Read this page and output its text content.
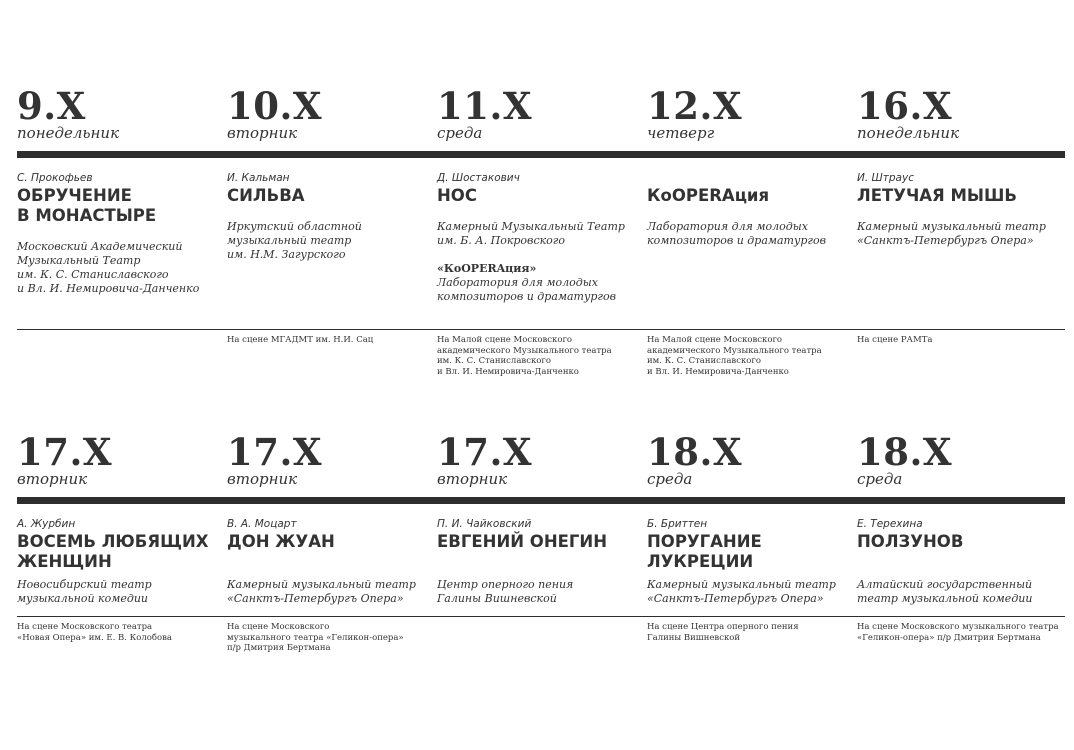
9.X
понедельник
10.X
вторник
11.X
среда
12.X
четверг
16.X
понедельник
С. Прокофьев
ОБРУЧЕНИЕ
В МОНАСТЫРЕ
Московский Академический
Музыкальный Театр
им. К. С. Станиславского
и Вл. И. Немировича-Данченко
И. Кальман
СИЛЬВА
Иркутский областной
музыкальный театр
им. Н.М. Загурского
Д. Шостакович
НОС
Камерный Музыкальный Театр
им. Б. А. Покровского
«КоOPERAция»
Лаборатория для молодых
композиторов и драматургов
КоOPERAция
Лаборатория для молодых
композиторов и драматургов
И. Штраус
ЛЕТУЧАЯ МЫШЬ
Камерный музыкальный театр
«Санктъ-Петербургъ Опера»
На сцене МГАДМТ им. Н.И. Сац	На Малой сцене Московского
академического Музыкального театра
им. К. С. Станиславского
и Вл. И. Немировича-Данченко
На Малой сцене Московского
академического Музыкального театра
им. К. С. Станиславского
и Вл. И. Немировича-Данченко
На сцене РАМТа
17.X
вторник
17.X
вторник
17.X
вторник
18.X
среда
18.X
среда
А. Журбин
ВОСЕМЬ ЛЮБЯЩИХ
ЖЕНЩИН
Новосибирский театр
музыкальной комедии
В. А. Моцарт
ДОН ЖУАН
Камерный музыкальный театр
«Санктъ-Петербургъ Опера»
П. И. Чайковский
ЕВГЕНИЙ ОНЕГИН
Центр оперного пения
Галины Вишневской
Б. Бриттен
ПОРУГАНИЕ
ЛУКРЕЦИИ
Камерный музыкальный театр
«Санктъ-Петербургъ Опера»
Е. Терехина
ПОЛЗУНОВ
Алтайский государственный
театр музыкальной комедии
На сцене Московского театра
«Новая Опера» им. Е. В. Колобова
На сцене Московского
музыкального театра «Геликон-опера»
п/р Дмитрия Бертмана
На сцене Центра оперного пения
Галины Вишневской
На сцене Московского музыкального театра
«Геликон-опера» п/р Дмитрия Бертмана
